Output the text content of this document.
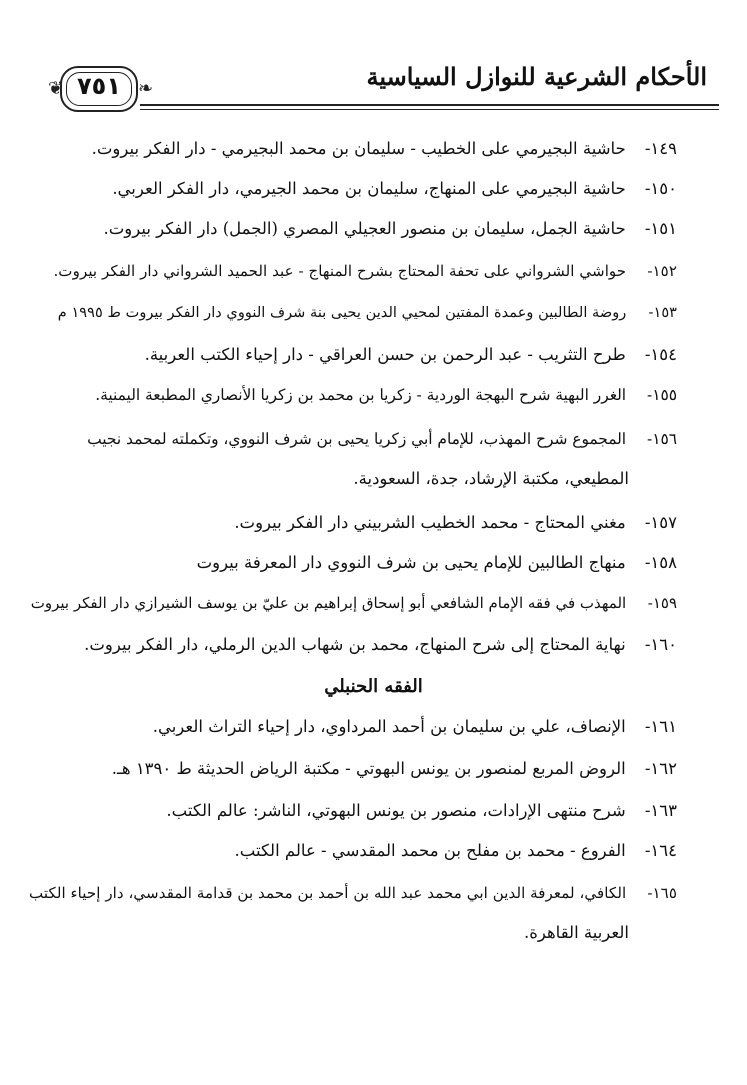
الأحكام الشرعية للنوازل السياسية
❦	❧
٧٥١
١٤٩- حاشية البجيرمي على الخطيب - سليمان بن محمد البجيرمي - دار الفكر بيروت.
١٥٠- حاشية البجيرمي على المنهاج، سليمان بن محمد الجيرمي، دار الفكر العربي.
١٥١- حاشية الجمل، سليمان بن منصور العجيلي المصري (الجمل) دار الفكر بيروت.
١٥٢- حواشي الشرواني على تحفة المحتاج بشرح المنهاج - عبد الحميد الشرواني دار الفكر بيروت.
١٥٣- روضة الطالبين وعمدة المفتين لمحيي الدين يحيى بنة شرف النووي دار الفكر بيروت ط ١٩٩٥ م
١٥٤- طرح التثريب - عبد الرحمن بن حسن العراقي - دار إحياء الكتب العربية.
١٥٥- الغرر البهية شرح البهجة الوردية - زكريا بن محمد بن زكريا الأنصاري المطبعة اليمنية.
١٥٦- المجموع شرح المهذب، للإمام أبي زكريا يحيى بن شرف النووي، وتكملته لمحمد نجيب
المطيعي، مكتبة الإرشاد، جدة، السعودية.
١٥٧- مغني المحتاج - محمد الخطيب الشربيني دار الفكر بيروت.
١٥٨- منهاج الطالبين للإمام يحيى بن شرف النووي دار المعرفة بيروت
١٥٩- المهذب في فقه الإمام الشافعي أبو إسحاق إبراهيم بن عليّ بن يوسف الشيرازي دار الفكر بيروت
١٦٠- نهاية المحتاج إلى شرح المنهاج، محمد بن شهاب الدين الرملي، دار الفكر بيروت.
الفقه الحنبلي
١٦١- الإنصاف، علي بن سليمان بن أحمد المرداوي، دار إحياء التراث العربي.
١٦٢- الروض المربع لمنصور بن يونس البهوتي - مكتبة الرياض الحديثة ط ١٣٩٠ هـ.
١٦٣- شرح منتهى الإرادات، منصور بن يونس البهوتي، الناشر: عالم الكتب.
١٦٤- الفروع - محمد بن مفلح بن محمد المقدسي - عالم الكتب.
١٦٥- الكافي، لمعرفة الدين ابي محمد عبد الله بن أحمد بن محمد بن قدامة المقدسي، دار إحياء الكتب
العربية القاهرة.
